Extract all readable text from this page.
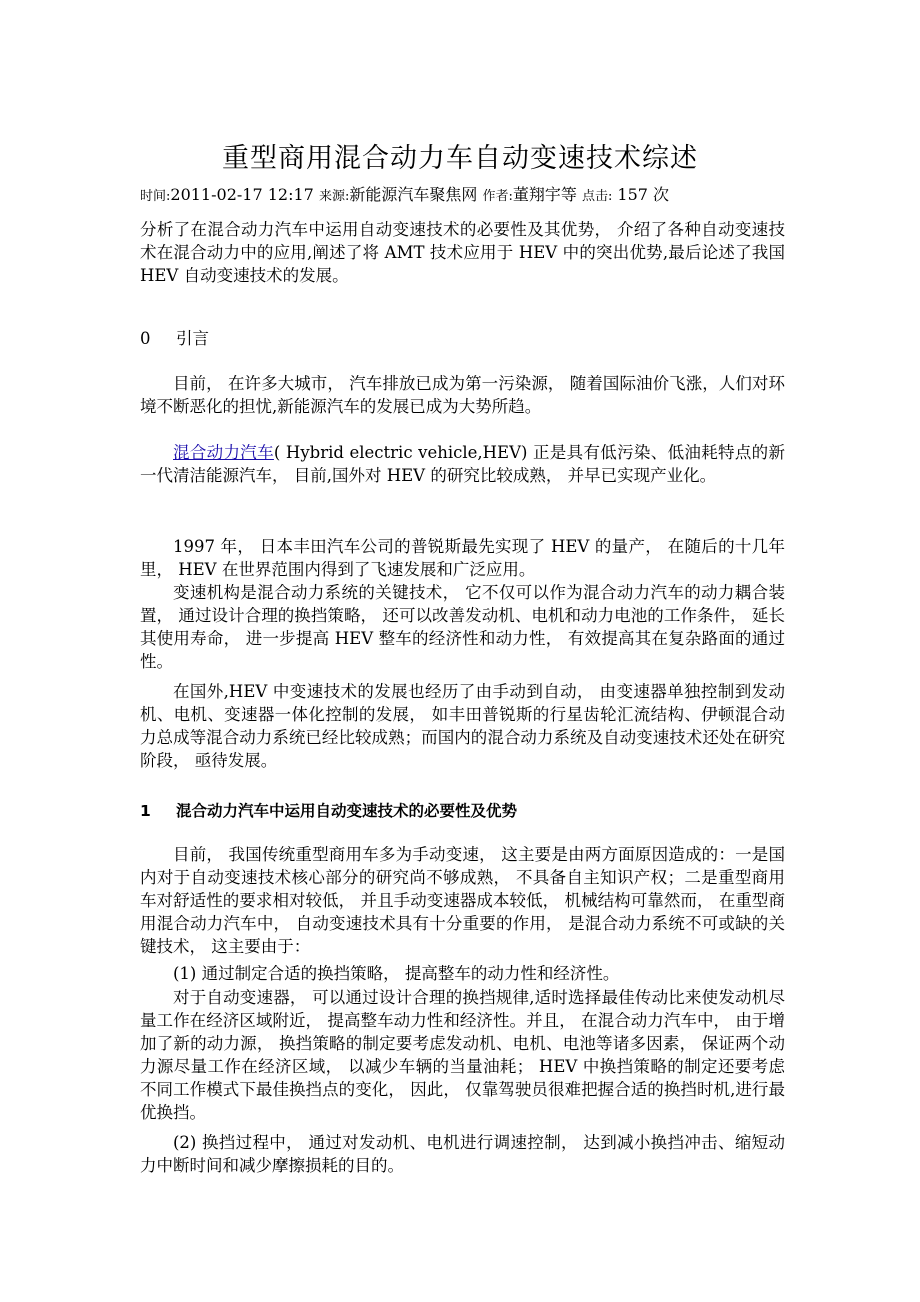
重型商用混合动力车自动变速技术综述
时间:2011-02-17 12:17 来源:新能源汽车聚焦网 作者:董翔宇等 点击: 157 次

分析了在混合动力汽车中运用自动变速技术的必要性及其优势， 介绍了各种自动变速技术在混合动力中的应用,阐述了将 AMT 技术应用于 HEV 中的突出优势,最后论述了我国 HEV 自动变速技术的发展。

0 引言

目前， 在许多大城市， 汽车排放已成为第一污染源， 随着国际油价飞涨，人们对环境不断恶化的担忧,新能源汽车的发展已成为大势所趋。

混合动力汽车( Hybrid electric vehicle,HEV) 正是具有低污染、低油耗特点的新一代清洁能源汽车， 目前,国外对 HEV 的研究比较成熟， 并早已实现产业化。

1997 年， 日本丰田汽车公司的普锐斯最先实现了 HEV 的量产， 在随后的十几年里， HEV 在世界范围内得到了飞速发展和广泛应用。

变速机构是混合动力系统的关键技术， 它不仅可以作为混合动力汽车的动力耦合装置， 通过设计合理的换挡策略， 还可以改善发动机、电机和动力电池的工作条件， 延长其使用寿命， 进一步提高 HEV 整车的经济性和动力性， 有效提高其在复杂路面的通过性。

在国外,HEV 中变速技术的发展也经历了由手动到自动， 由变速器单独控制到发动机、电机、变速器一体化控制的发展， 如丰田普锐斯的行星齿轮汇流结构、伊顿混合动力总成等混合动力系统已经比较成熟；而国内的混合动力系统及自动变速技术还处在研究阶段， 亟待发展。

1 混合动力汽车中运用自动变速技术的必要性及优势

目前， 我国传统重型商用车多为手动变速， 这主要是由两方面原因造成的：一是国内对于自动变速技术核心部分的研究尚不够成熟， 不具备自主知识产权；二是重型商用车对舒适性的要求相对较低， 并且手动变速器成本较低， 机械结构可靠然而， 在重型商用混合动力汽车中， 自动变速技术具有十分重要的作用， 是混合动力系统不可或缺的关键技术， 这主要由于：

(1) 通过制定合适的换挡策略， 提高整车的动力性和经济性。

对于自动变速器， 可以通过设计合理的换挡规律,适时选择最佳传动比来使发动机尽量工作在经济区域附近， 提高整车动力性和经济性。并且， 在混合动力汽车中， 由于增加了新的动力源， 换挡策略的制定要考虑发动机、电机、电池等诸多因素， 保证两个动力源尽量工作在经济区域， 以减少车辆的当量油耗； HEV 中换挡策略的制定还要考虑不同工作模式下最佳换挡点的变化， 因此， 仅靠驾驶员很难把握合适的换挡时机,进行最优换挡。

(2) 换挡过程中， 通过对发动机、电机进行调速控制， 达到减小换挡冲击、缩短动力中断时间和减少摩擦损耗的目的。
